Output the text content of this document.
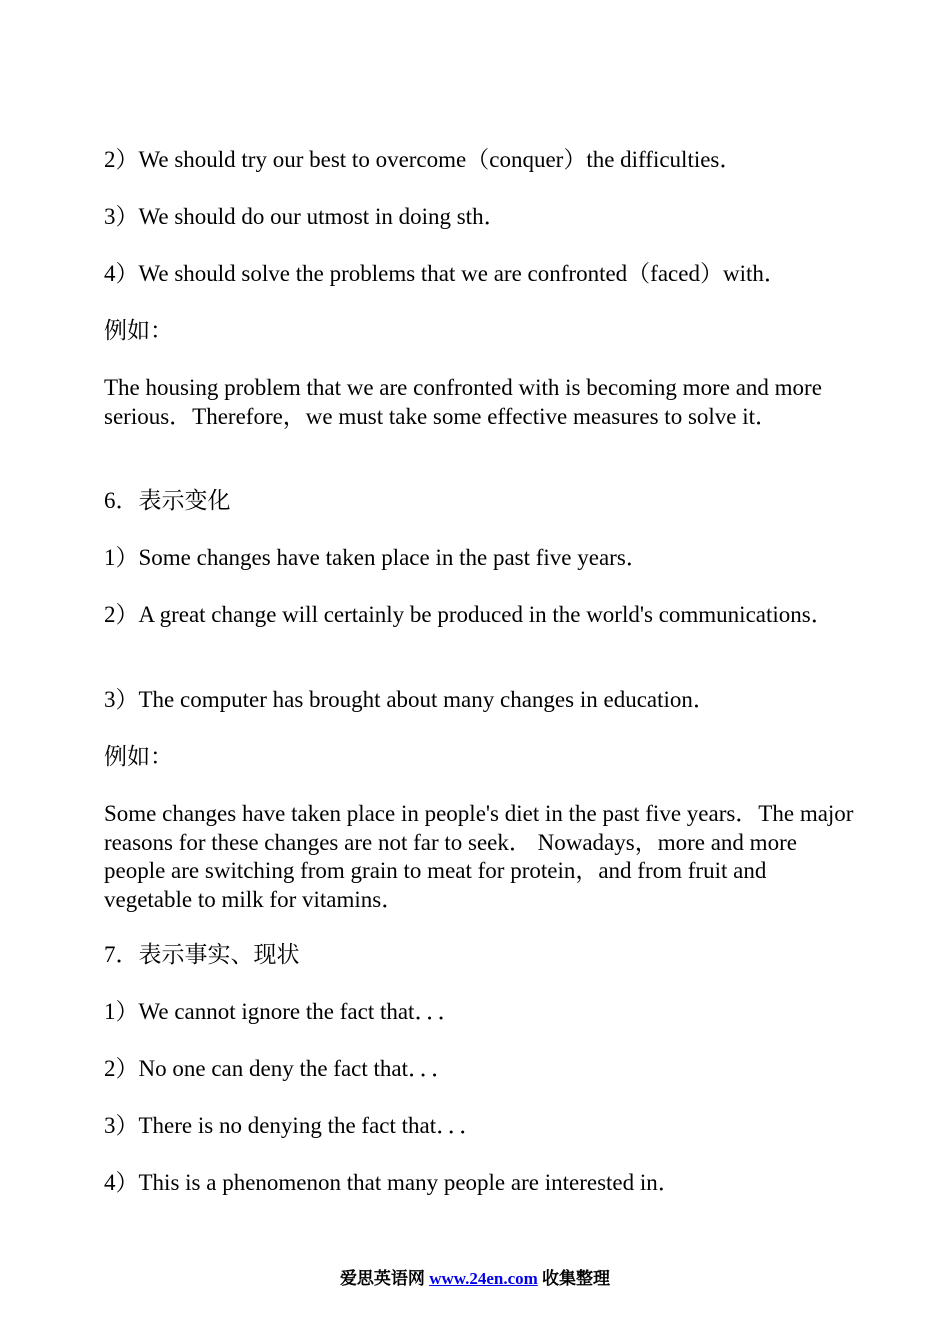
2）We should try our best to overcome（conquer）the difficulties．
3）We should do our utmost in doing sth．
4）We should solve the problems that we are confronted（faced）with．
例如：
The housing problem that we are confronted with is becoming more and more serious．Therefore，we must take some effective measures to solve it．
6．表示变化
1）Some changes have taken place in the past five years．
2）A great change will certainly be produced in the world's communications．
3）The computer has brought about many changes in education．
例如：
Some changes have taken place in people's diet in the past five years．The major reasons for these changes are not far to seek． Nowadays，more and more people are switching from grain to meat for protein，and from fruit and vegetable to milk for vitamins．
7．表示事实、现状
1）We cannot ignore the fact that．．．
2）No one can deny the fact that．．．
3）There is no denying the fact that．．．
4）This is a phenomenon that many people are interested in．
爱思英语网 www.24en.com 收集整理
